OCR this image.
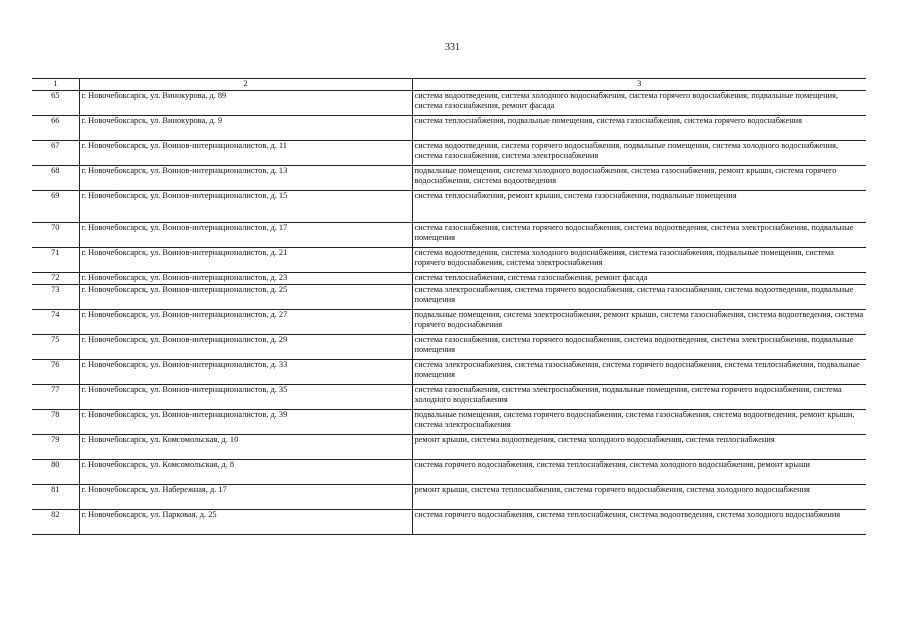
331
1	2	3
65	г. Новочебоксарск, ул. Винокурова, д. 89	система водоотведения, система холодного водоснабжения, система горячего водоснабжения, подвальные помещения, система газоснабжения, ремонт фасада
66	г. Новочебоксарск, ул. Винокурова, д. 9	система теплоснабжения, подвальные помещения, система газоснабжения, система горячего водоснабжения
67	г. Новочебоксарск, ул. Воинов-интернационалистов, д. 11	система водоотведения, система горячего водоснабжения, подвальные помещения, система холодного водоснабжения, система газоснабжения, система электроснабжения
68	г. Новочебоксарск, ул. Воинов-интернационалистов, д. 13	подвальные помещения, система холодного водоснабжения, система газоснабжения, ремонт крыши, система горячего водоснабжения, система водоотведения
69	г. Новочебоксарск, ул. Воинов-интернационалистов, д. 15	система теплоснабжения, ремонт крыши, система газоснабжения, подвальные помещения
70	г. Новочебоксарск, ул. Воинов-интернационалистов, д. 17	система газоснабжения, система горячего водоснабжения, система водоотведения, система электроснабжения, подвальные помещения
71	г. Новочебоксарск, ул. Воинов-интернационалистов, д. 21	система водоотведения, система холодного водоснабжения, система газоснабжения, подвальные помещения, система горячего водоснабжения, система электроснабжения
72	г. Новочебоксарск, ул. Воинов-интернационалистов, д. 23	система теплоснабжения, система газоснабжения, ремонт фасада
73	г. Новочебоксарск, ул. Воинов-интернационалистов, д. 25	система электроснабжения, система горячего водоснабжения, система газоснабжения, система водоотведения, подвальные помещения
74	г. Новочебоксарск, ул. Воинов-интернационалистов, д. 27	подвальные помещения, система электроснабжения, ремонт крыши, система газоснабжения, система водоотведения, система горячего водоснабжения
75	г. Новочебоксарск, ул. Воинов-интернационалистов, д. 29	система газоснабжения, система горячего водоснабжения, система водоотведения, система электроснабжения, подвальные помещения
76	г. Новочебоксарск, ул. Воинов-интернационалистов, д. 33	система электроснабжения, система газоснабжения, система горячего водоснабжения, система теплоснабжения, подвальные помещения
77	г. Новочебоксарск, ул. Воинов-интернационалистов, д. 35	система газоснабжения, система электроснабжения, подвальные помещения, система горячего водоснабжения, система холодного водоснабжения
78	г. Новочебоксарск, ул. Воинов-интернационалистов, д. 39	подвальные помещения, система горячего водоснабжения, система газоснабжения, система водоотведения, ремонт крыши, система электроснабжения
79	г. Новочебоксарск, ул. Комсомольская, д. 10	ремонт крыши, система водоотведения, система холодного водоснабжения, система теплоснабжения
80	г. Новочебоксарск, ул. Комсомольская, д. 8	система горячего водоснабжения, система теплоснабжения, система холодного водоснабжения, ремонт крыши
81	г. Новочебоксарск, ул. Набережная, д. 17	ремонт крыши, система теплоснабжения, система горячего водоснабжения, система холодного водоснабжения
82	г. Новочебоксарск, ул. Парковая, д. 25	система горячего водоснабжения, система теплоснабжения, система водоотведения, система холодного водоснабжения
